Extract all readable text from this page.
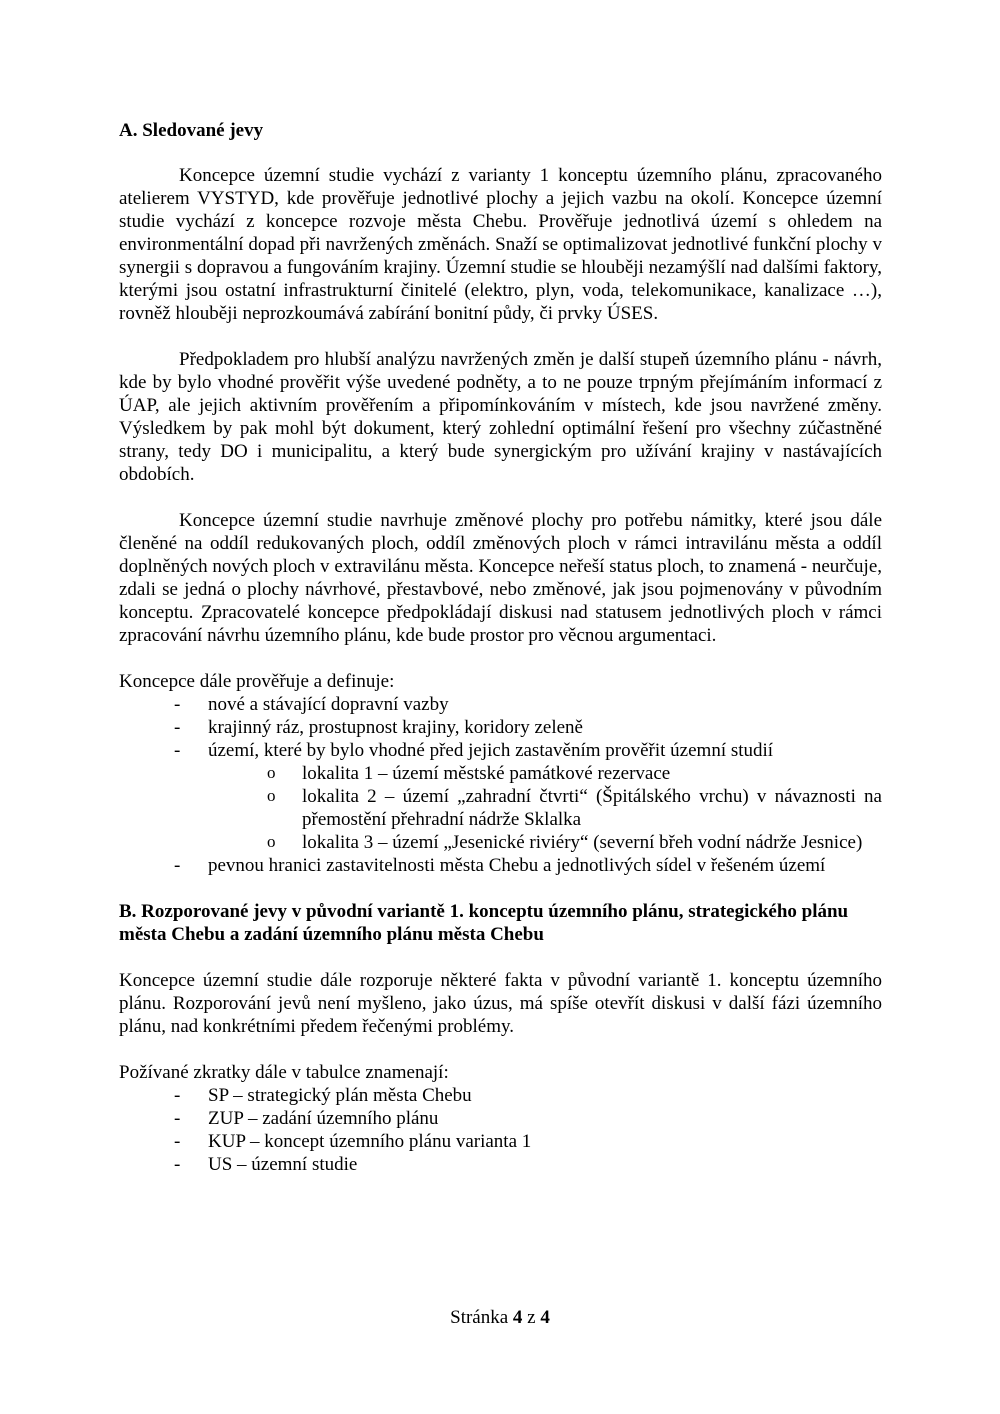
A. Sledované jevy

Koncepce územní studie vychází z varianty 1 konceptu územního plánu, zpracovaného atelierem VYSTYD, kde prověřuje jednotlivé plochy a jejich vazbu na okolí. Koncepce územní studie vychází z koncepce rozvoje města Chebu. Prověřuje jednotlivá území s ohledem na environmentální dopad při navržených změnách. Snaží se optimalizovat jednotlivé funkční plochy v synergii s dopravou a fungováním krajiny. Územní studie se hlouběji nezamýšlí nad dalšími faktory, kterými jsou ostatní infrastrukturní činitelé (elektro, plyn, voda, telekomunikace, kanalizace …), rovněž hlouběji neprozkoumává zabírání bonitní půdy, či prvky ÚSES.

Předpokladem pro hlubší analýzu navržených změn je další stupeň územního plánu - návrh, kde by bylo vhodné prověřit výše uvedené podněty, a to ne pouze trpným přejímáním informací z ÚAP, ale jejich aktivním prověřením a připomínkováním v místech, kde jsou navržené změny. Výsledkem by pak mohl být dokument, který zohlední optimální řešení pro všechny zúčastněné strany, tedy DO i municipalitu, a který bude synergickým pro užívání krajiny v nastávajících obdobích.

Koncepce územní studie navrhuje změnové plochy pro potřebu námitky, které jsou dále členěné na oddíl redukovaných ploch, oddíl změnových ploch v rámci intravilánu města a oddíl doplněných nových ploch v extravilánu města. Koncepce neřeší status ploch, to znamená - neurčuje, zdali se jedná o plochy návrhové, přestavbové, nebo změnové, jak jsou pojmenovány v původním konceptu. Zpracovatelé koncepce předpokládají diskusi nad statusem jednotlivých ploch v rámci zpracování návrhu územního plánu, kde bude prostor pro věcnou argumentaci.

Koncepce dále prověřuje a definuje:

- nové a stávající dopravní vazby
- krajinný ráz, prostupnost krajiny, koridory zeleně
- území, které by bylo vhodné před jejich zastavěním prověřit územní studií
o lokalita 1 – území městské památkové rezervace
o lokalita 2 – území „zahradní čtvrti“ (Špitálského vrchu) v návaznosti na přemostění přehradní nádrže Sklalka
o lokalita 3 – území „Jesenické riviéry“ (severní břeh vodní nádrže Jesnice)
- pevnou hranici zastavitelnosti města Chebu a jednotlivých sídel v řešeném území
B. Rozporované jevy v původní variantě 1. konceptu územního plánu, strategického plánu města Chebu a zadání územního plánu města Chebu

Koncepce územní studie dále rozporuje některé fakta v původní variantě 1. konceptu územního plánu. Rozporování jevů není myšleno, jako úzus, má spíše otevřít diskusi v další fázi územního plánu, nad konkrétními předem řečenými problémy.

Požívané zkratky dále v tabulce znamenají:

- SP – strategický plán města Chebu
- ZUP – zadání územního plánu
- KUP – koncept územního plánu varianta 1
- US – územní studie
Stránka 4 z 4
